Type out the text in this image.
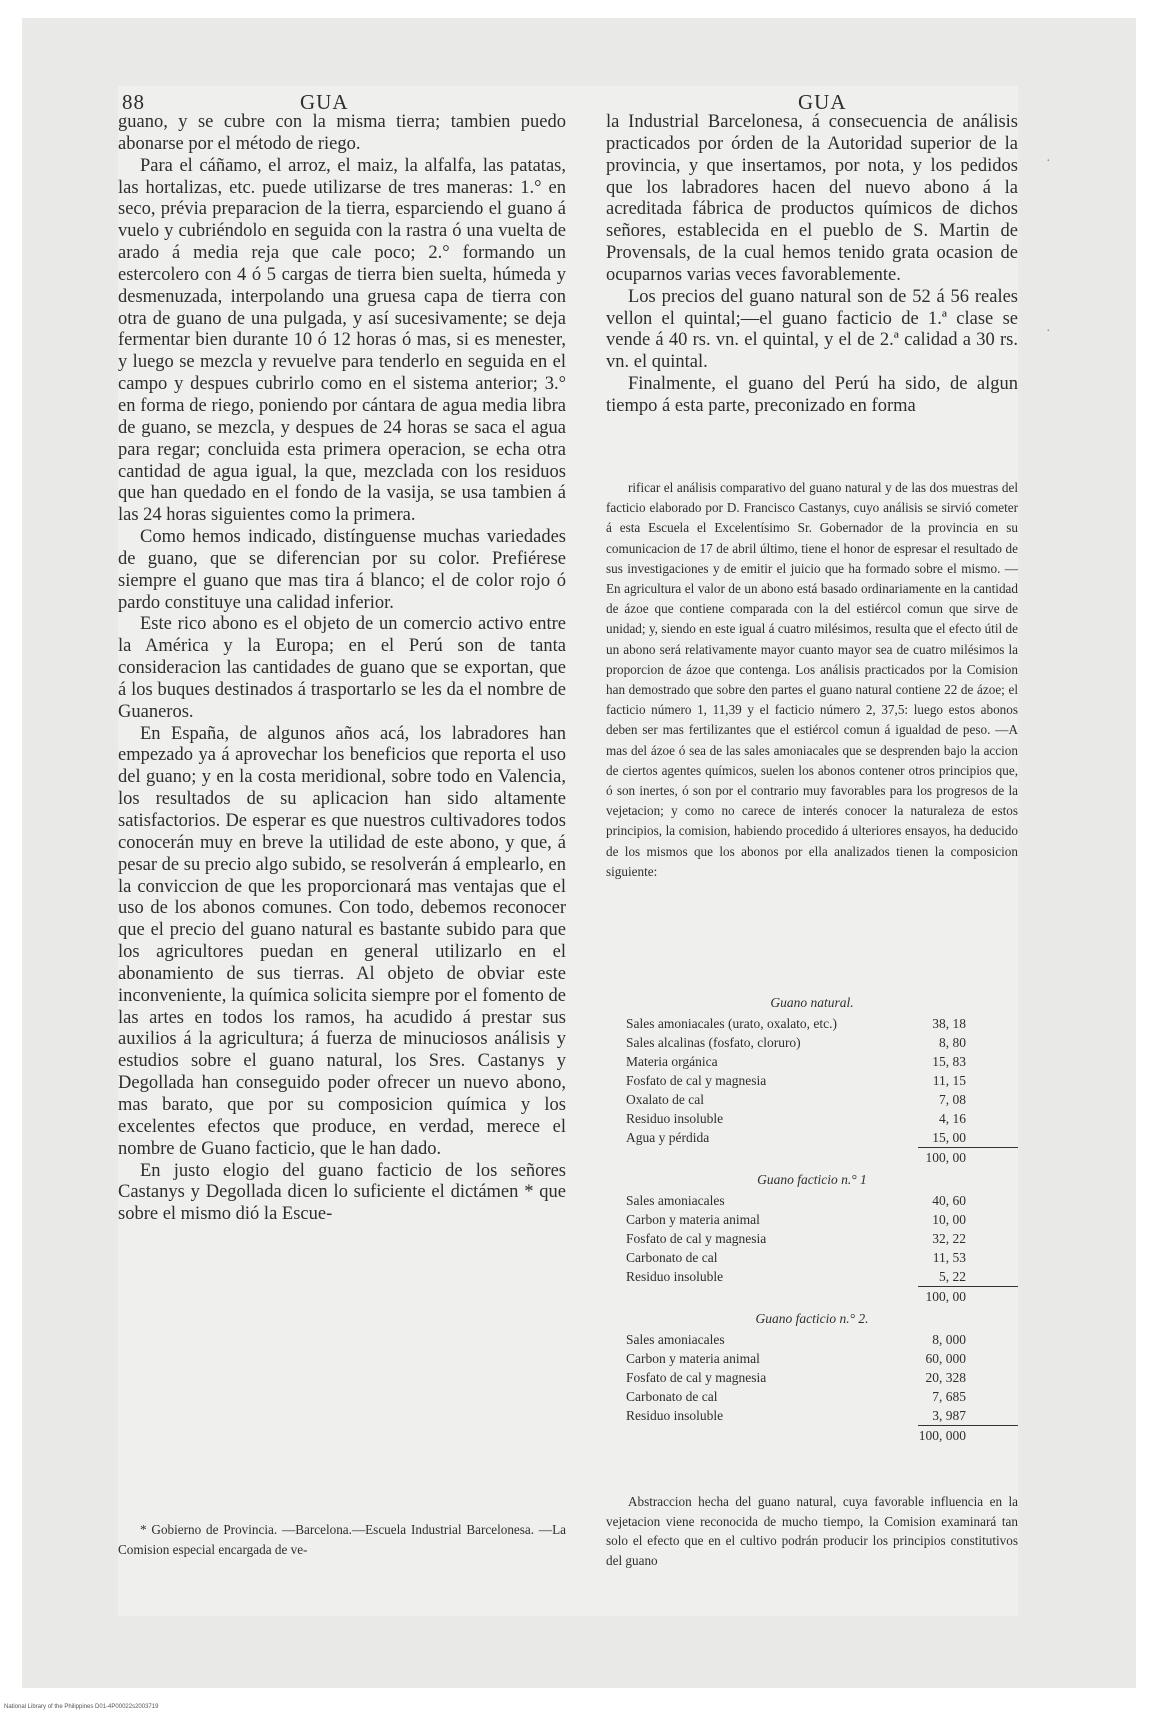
88	GUA	GUA

guano, y se cubre con la misma tierra; tambien puedo abonarse por el método de riego.

Para el cáñamo, el arroz, el maiz, la alfalfa, las patatas, las hortalizas, etc. puede utilizarse de tres maneras: 1.° en seco, prévia preparacion de la tierra, esparciendo el guano á vuelo y cubriéndolo en seguida con la rastra ó una vuelta de arado á media reja que cale poco; 2.° formando un estercolero con 4 ó 5 cargas de tierra bien suelta, húmeda y desmenuzada, interpolando una gruesa capa de tierra con otra de guano de una pulgada, y así sucesivamente; se deja fermentar bien durante 10 ó 12 horas ó mas, si es menester, y luego se mezcla y revuelve para tenderlo en seguida en el campo y despues cubrirlo como en el sistema anterior; 3.° en forma de riego, poniendo por cántara de agua media libra de guano, se mezcla, y despues de 24 horas se saca el agua para regar; concluida esta primera operacion, se echa otra cantidad de agua igual, la que, mezclada con los residuos que han quedado en el fondo de la vasija, se usa tambien á las 24 horas siguientes como la primera.

Como hemos indicado, distínguense muchas variedades de guano, que se diferencian por su color. Prefiérese siempre el guano que mas tira á blanco; el de color rojo ó pardo constituye una calidad inferior.

Este rico abono es el objeto de un comercio activo entre la América y la Europa; en el Perú son de tanta consideracion las cantidades de guano que se exportan, que á los buques destinados á trasportarlo se les da el nombre de Guaneros.

En España, de algunos años acá, los labradores han empezado ya á aprovechar los beneficios que reporta el uso del guano; y en la costa meridional, sobre todo en Valencia, los resultados de su aplicacion han sido altamente satisfactorios. De esperar es que nuestros cultivadores todos conocerán muy en breve la utilidad de este abono, y que, á pesar de su precio algo subido, se resolverán á emplearlo, en la conviccion de que les proporcionará mas ventajas que el uso de los abonos comunes. Con todo, debemos reconocer que el precio del guano natural es bastante subido para que los agricultores puedan en general utilizarlo en el abonamiento de sus tierras. Al objeto de obviar este inconveniente, la química solicita siempre por el fomento de las artes en todos los ramos, ha acudido á prestar sus auxilios á la agricultura; á fuerza de minuciosos análisis y estudios sobre el guano natural, los Sres. Castanys y Degollada han conseguido poder ofrecer un nuevo abono, mas barato, que por su composicion química y los excelentes efectos que produce, en verdad, merece el nombre de Guano facticio, que le han dado.

En justo elogio del guano facticio de los señores Castanys y Degollada dicen lo suficiente el dictámen * que sobre el mismo dió la Escue-

* Gobierno de Provincia. —Barcelona.—Escuela Industrial Barcelonesa. —La Comision especial encargada de ve-

la Industrial Barcelonesa, á consecuencia de análisis practicados por órden de la Autoridad superior de la provincia, y que insertamos, por nota, y los pedidos que los labradores hacen del nuevo abono á la acreditada fábrica de productos químicos de dichos señores, establecida en el pueblo de S. Martin de Provensals, de la cual hemos tenido grata ocasion de ocuparnos varias veces favorablemente.

Los precios del guano natural son de 52 á 56 reales vellon el quintal;—el guano facticio de 1.ª clase se vende á 40 rs. vn. el quintal, y el de 2.ª calidad a 30 rs. vn. el quintal.

Finalmente, el guano del Perú ha sido, de algun tiempo á esta parte, preconizado en forma

rificar el análisis comparativo del guano natural y de las dos muestras del facticio elaborado por D. Francisco Castanys, cuyo análisis se sirvió cometer á esta Escuela el Excelentísimo Sr. Gobernador de la provincia en su comunicacion de 17 de abril último, tiene el honor de espresar el resultado de sus investigaciones y de emitir el juicio que ha formado sobre el mismo. —En agricultura el valor de un abono está basado ordinariamente en la cantidad de ázoe que contiene comparada con la del estiércol comun que sirve de unidad; y, siendo en este igual á cuatro milésimos, resulta que el efecto útil de un abono será relativamente mayor cuanto mayor sea de cuatro milésimos la proporcion de ázoe que contenga. Los análisis practicados por la Comision han demostrado que sobre den partes el guano natural contiene 22 de ázoe; el facticio número 1, 11,39 y el facticio número 2, 37,5: luego estos abonos deben ser mas fertilizantes que el estiércol comun á igualdad de peso. —A mas del ázoe ó sea de las sales amoniacales que se desprenden bajo la accion de ciertos agentes químicos, suelen los abonos contener otros principios que, ó son inertes, ó son por el contrario muy favorables para los progresos de la vejetacion; y como no carece de interés conocer la naturaleza de estos principios, la comision, habiendo procedido á ulteriores ensayos, ha deducido de los mismos que los abonos por ella analizados tienen la composicion siguiente:

Guano natural.
Sales amoniacales (urato, oxalato, etc.)	38, 18
Sales alcalinas (fosfato, cloruro)	8, 80
Materia orgánica	15, 83
Fosfato de cal y magnesia	11, 15
Oxalato de cal	7, 08
Residuo insoluble	4, 16
Agua y pérdida	15, 00
100, 00
Guano facticio n.° 1
Sales amoniacales	40, 60
Carbon y materia animal	10, 00
Fosfato de cal y magnesia	32, 22
Carbonato de cal	11, 53
Residuo insoluble	5, 22
100, 00
Guano facticio n.° 2.
Sales amoniacales	8, 000
Carbon y materia animal	60, 000
Fosfato de cal y magnesia	20, 328
Carbonato de cal	7, 685
Residuo insoluble	3, 987
100, 000

Abstraccion hecha del guano natural, cuya favorable influencia en la vejetacion viene reconocida de mucho tiempo, la Comision examinará tan solo el efecto que en el cultivo podrán producir los principios constitutivos del guano

·
·
National Library of the Philippines D01-4P00022s2003719
